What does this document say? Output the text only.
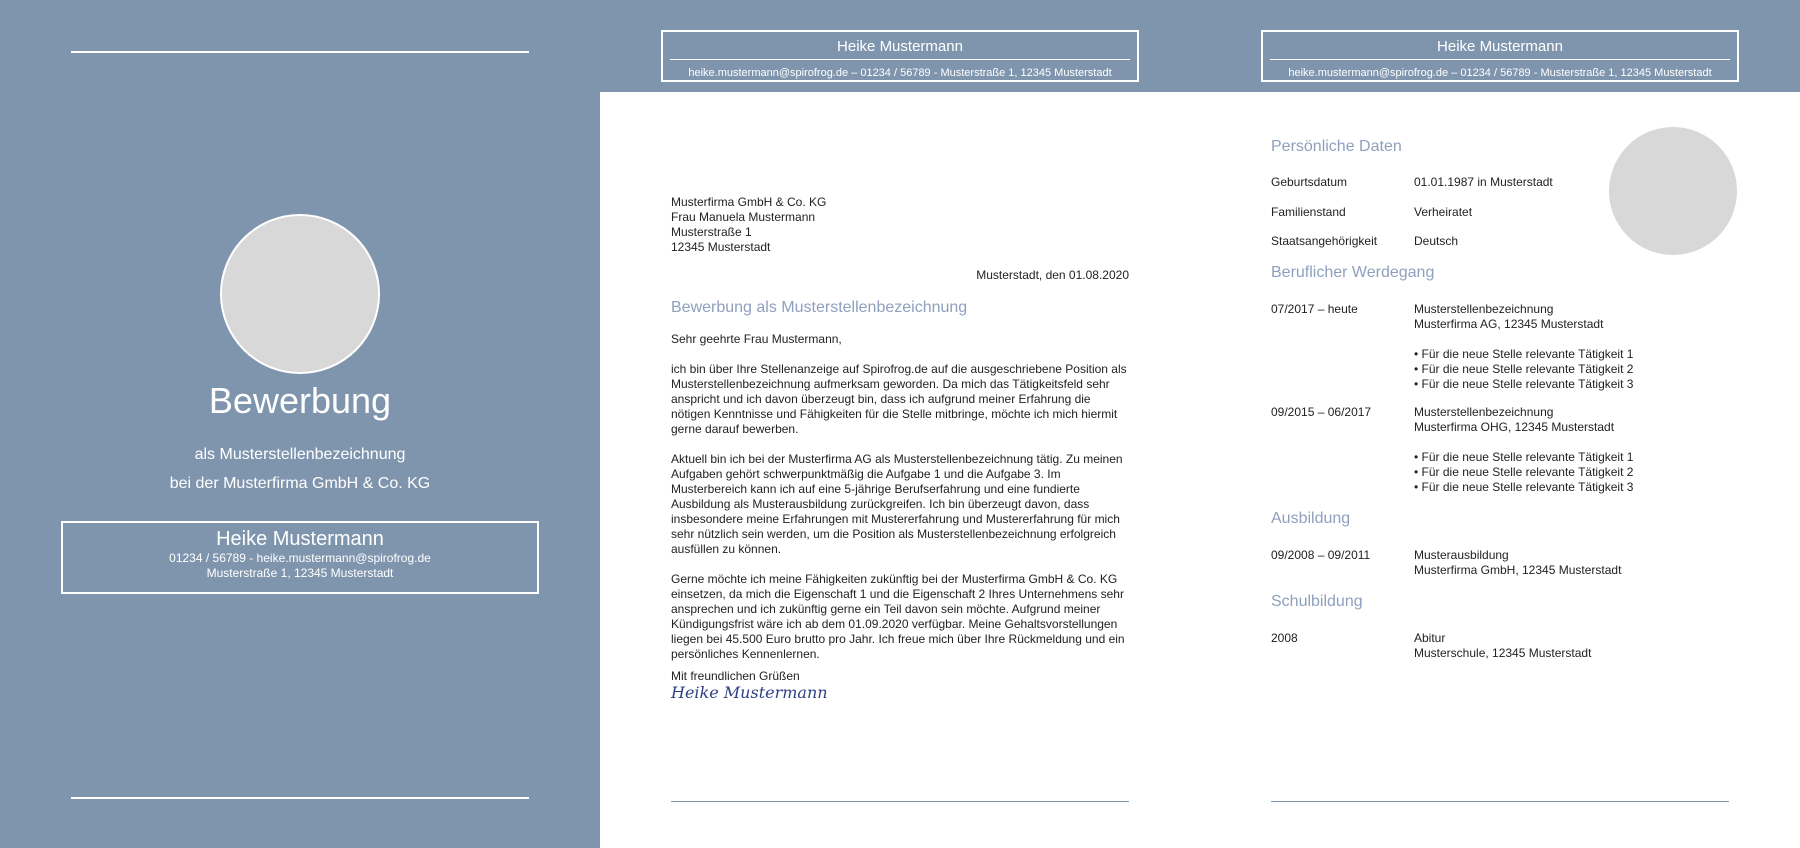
Bewerbung
als Musterstellenbezeichnung
bei der Musterfirma GmbH & Co. KG
Heike Mustermann
01234 / 56789 - heike.mustermann@spirofrog.de
Musterstraße 1, 12345 Musterstadt
Heike Mustermann
heike.mustermann@spirofrog.de – 01234 / 56789 - Musterstraße 1, 12345 Musterstadt
Musterfirma GmbH & Co. KG
Frau Manuela Mustermann
Musterstraße 1
12345 Musterstadt
Musterstadt, den 01.08.2020
Bewerbung als Musterstellenbezeichnung

Sehr geehrte Frau Mustermann,

ich bin über Ihre Stellenanzeige auf Spirofrog.de auf die ausgeschriebene Position als Musterstellenbezeichnung aufmerksam geworden. Da mich das Tätigkeitsfeld sehr anspricht und ich davon überzeugt bin, dass ich aufgrund meiner Erfahrung die nötigen Kenntnisse und Fähigkeiten für die Stelle mitbringe, möchte ich mich hiermit gerne darauf bewerben.

Aktuell bin ich bei der Musterfirma AG als Musterstellenbezeichnung tätig. Zu meinen Aufgaben gehört schwerpunktmäßig die Aufgabe 1 und die Aufgabe 3. Im Musterbereich kann ich auf eine 5-jährige Berufserfahrung und eine fundierte Ausbildung als Musterausbildung zurückgreifen. Ich bin überzeugt davon, dass insbesondere meine Erfahrungen mit Mustererfahrung und Mustererfahrung für mich sehr nützlich sein werden, um die Position als Musterstellenbezeichnung erfolgreich ausfüllen zu können.

Gerne möchte ich meine Fähigkeiten zukünftig bei der Musterfirma GmbH & Co. KG einsetzen, da mich die Eigenschaft 1 und die Eigenschaft 2 Ihres Unternehmens sehr ansprechen und ich zukünftig gerne ein Teil davon sein möchte. Aufgrund meiner Kündigungsfrist wäre ich ab dem 01.09.2020 verfügbar. Meine Gehaltsvorstellungen liegen bei 45.500 Euro brutto pro Jahr. Ich freue mich über Ihre Rückmeldung und ein persönliches Kennenlernen.

Mit freundlichen Grüßen
Heike Mustermann
Heike Mustermann
heike.mustermann@spirofrog.de – 01234 / 56789 - Musterstraße 1, 12345 Musterstadt
Persönliche Daten
Geburtsdatum	01.01.1987 in Musterstadt
Familienstand	Verheiratet
Staatsangehörigkeit	Deutsch
Beruflicher Werdegang
07/2017 – heute	Musterstellenbezeichnung
Musterfirma AG, 12345 Musterstadt
• Für die neue Stelle relevante Tätigkeit 1
• Für die neue Stelle relevante Tätigkeit 2
• Für die neue Stelle relevante Tätigkeit 3
09/2015 – 06/2017	Musterstellenbezeichnung
Musterfirma OHG, 12345 Musterstadt
• Für die neue Stelle relevante Tätigkeit 1
• Für die neue Stelle relevante Tätigkeit 2
• Für die neue Stelle relevante Tätigkeit 3
Ausbildung
09/2008 – 09/2011	Musterausbildung
Musterfirma GmbH, 12345 Musterstadt
Schulbildung
2008	Abitur
Musterschule, 12345 Musterstadt
